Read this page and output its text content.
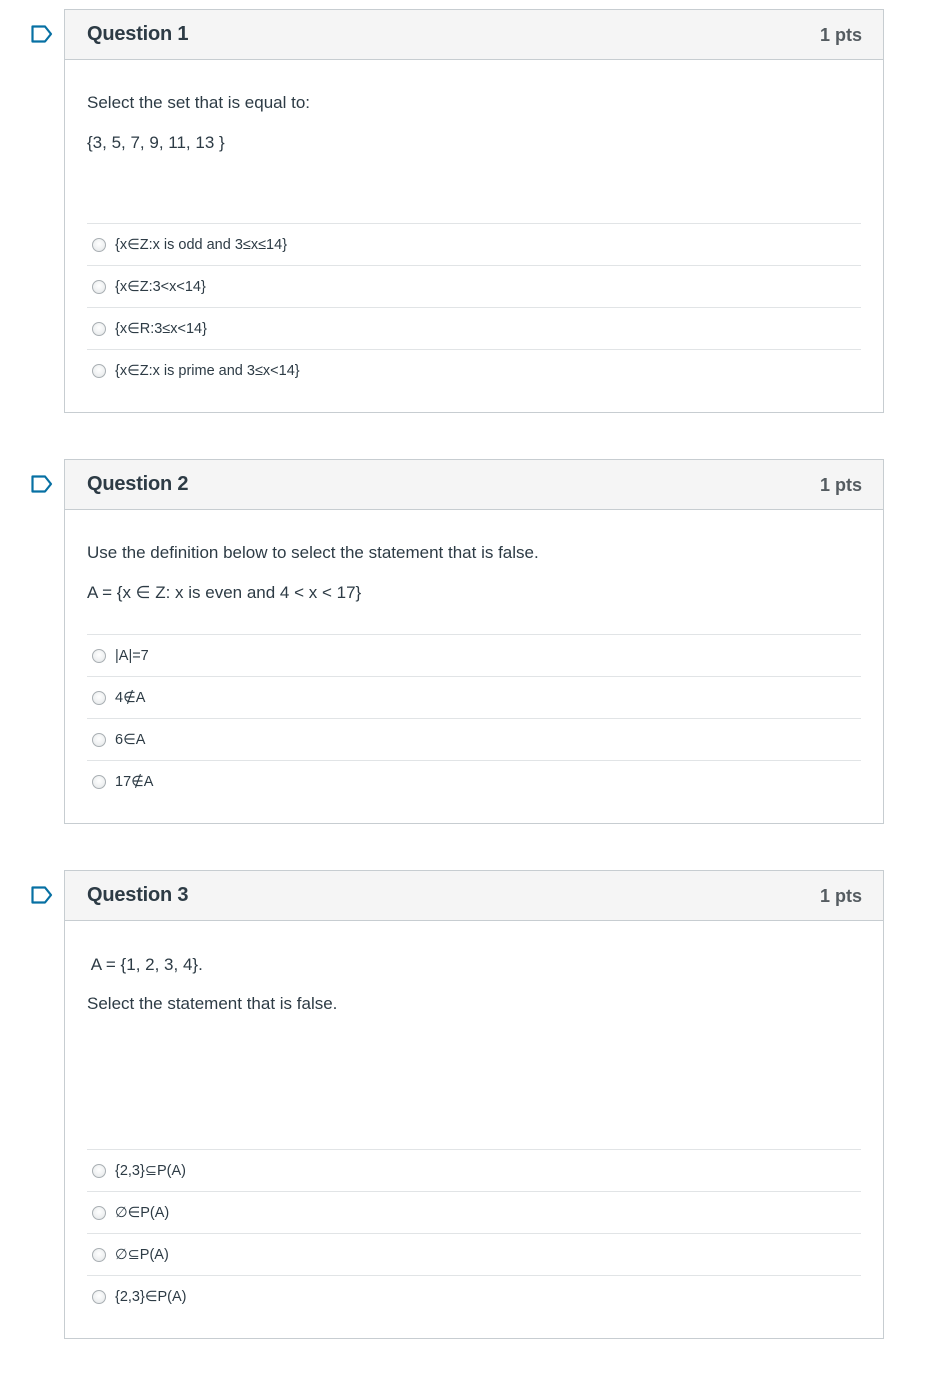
Question 1	1 pts

Select the set that is equal to:

{3, 5, 7, 9, 11, 13 }

{x∈Z:x is odd and 3≤x≤14}
{x∈Z:3<x<14}
{x∈R:3≤x<14}
{x∈Z:x is prime and 3≤x<14}
Question 2	1 pts

Use the definition below to select the statement that is false.

A = {x ∈ Z: x is even and 4 < x < 17}

|A|=7
4∉A
6∈A
17∉A
Question 3	1 pts

A = {1, 2, 3, 4}.

Select the statement that is false.

{2,3}⊆P(A)
∅∈P(A)
∅⊆P(A)
{2,3}∈P(A)
